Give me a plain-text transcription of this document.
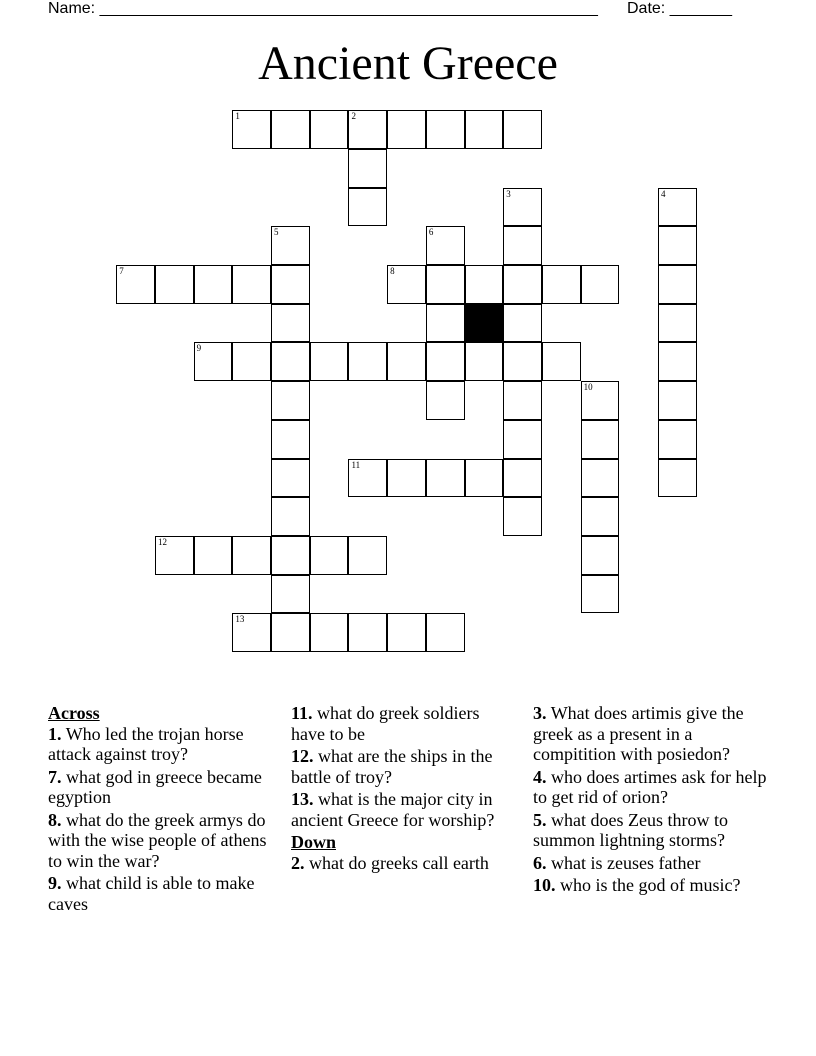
Name: ________________________________________________________ Date: _______
Ancient Greece
1	2
3	4
5	6
7	8
9
10
11
12
13

Across

1. Who led the trojan horse attack against troy?

7. what god in greece became egyption

8. what do the greek armys do with the wise people of athens to win the war?

9. what child is able to make caves

11. what do greek soldiers have to be

12. what are the ships in the battle of troy?

13. what is the major city in ancient Greece for worship?

Down

2. what do greeks call earth

3. What does artimis give the greek as a present in a compitition with posiedon?

4. who does artimes ask for help to get rid of orion?

5. what does Zeus throw to summon lightning storms?

6. what is zeuses father

10. who is the god of music?
